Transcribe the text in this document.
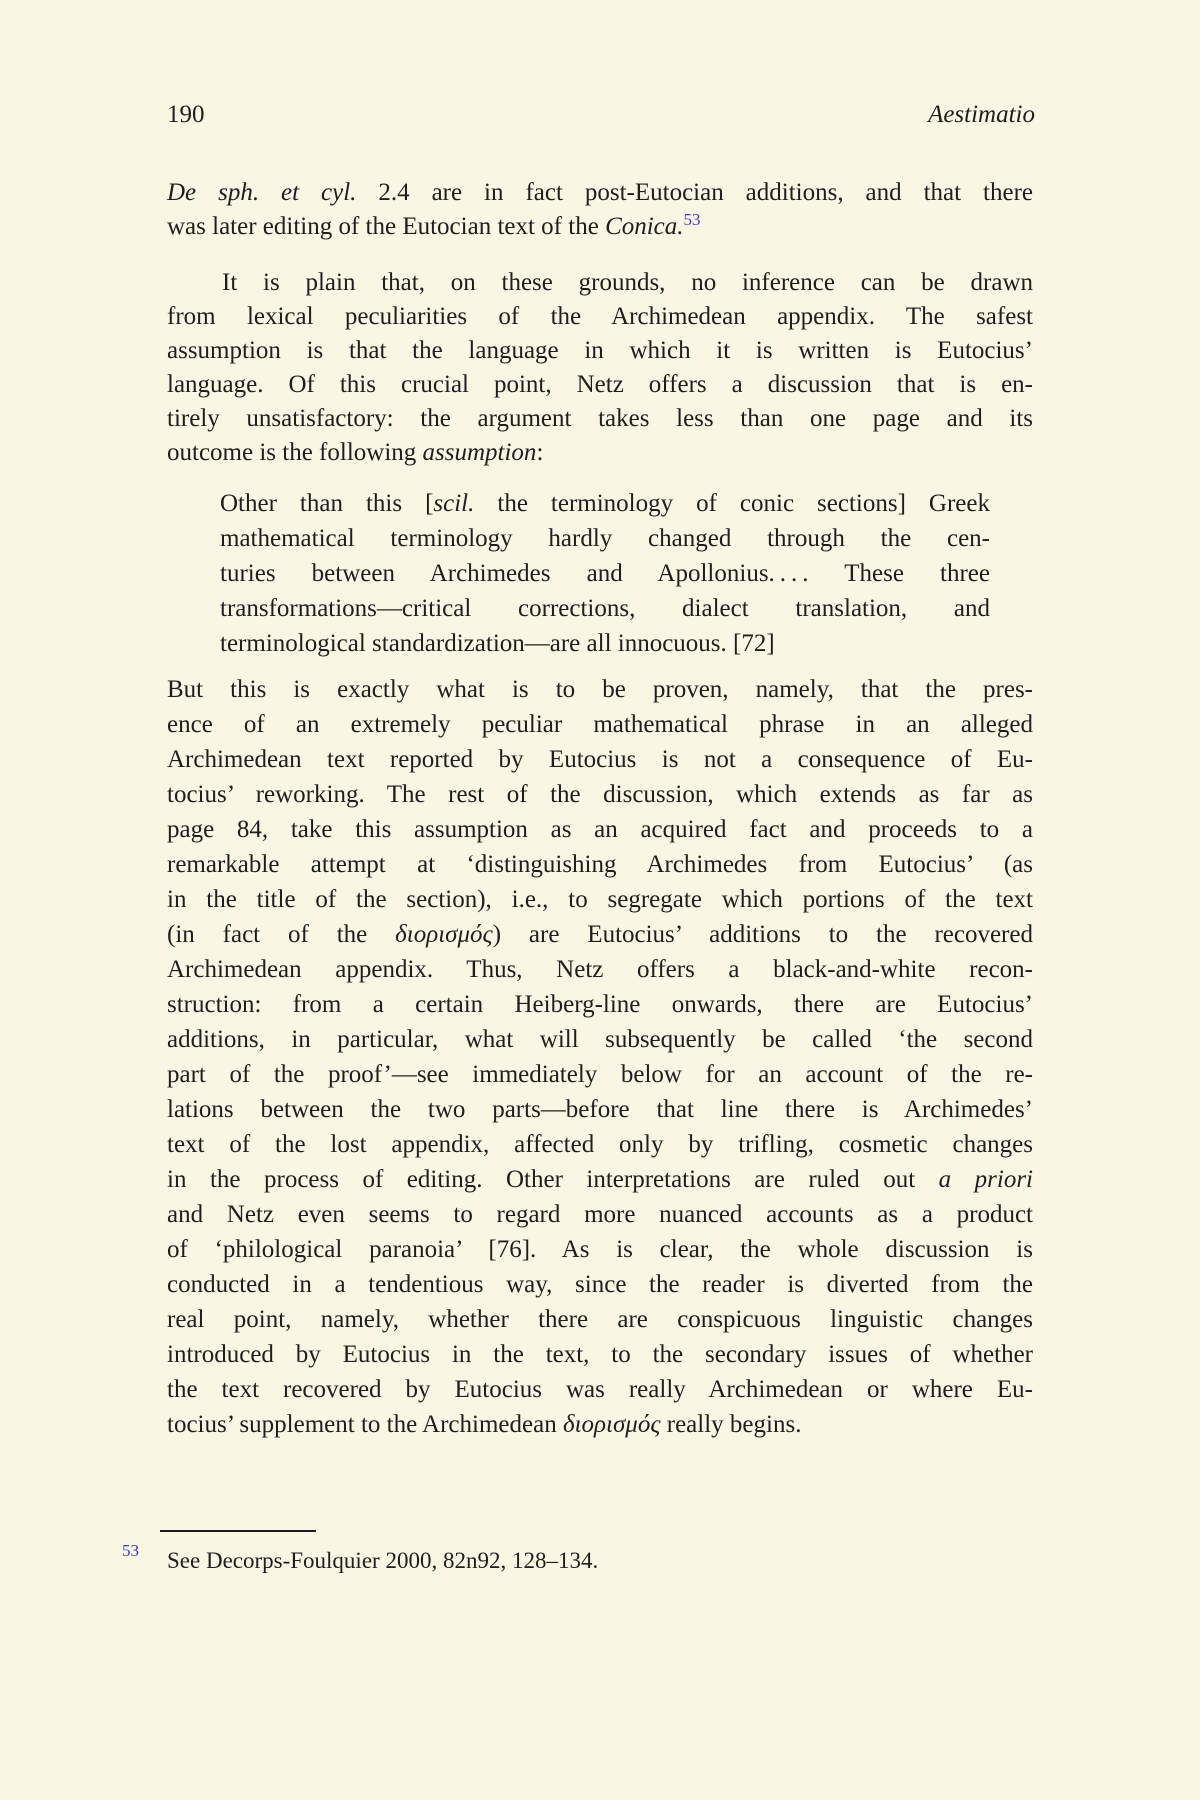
190	Aestimatio
De sph. et cyl. 2.4 are in fact post-Eutocian additions, and that there
was later editing of the Eutocian text of the Conica.$^{53}$
It is plain that, on these grounds, no inference can be drawn
from lexical peculiarities of the Archimedean appendix. The safest
assumption is that the language in which it is written is Eutocius’
language. Of this crucial point, Netz offers a discussion that is en-
tirely unsatisfactory: the argument takes less than one page and its
outcome is the following assumption:
Other than this [scil. the terminology of conic sections] Greek
mathematical terminology hardly changed through the cen-
turies between Archimedes and Apollonius. . . . These three
transformations—critical corrections, dialect translation, and
terminological standardization—are all innocuous. [72]
But this is exactly what is to be proven, namely, that the pres-
ence of an extremely peculiar mathematical phrase in an alleged
Archimedean text reported by Eutocius is not a consequence of Eu-
tocius’ reworking. The rest of the discussion, which extends as far as
page 84, take this assumption as an acquired fact and proceeds to a
remarkable attempt at ‘distinguishing Archimedes from Eutocius’ (as
in the title of the section), i.e., to segregate which portions of the text
(in fact of the διορισμός) are Eutocius’ additions to the recovered
Archimedean appendix. Thus, Netz offers a black-and-white recon-
struction: from a certain Heiberg-line onwards, there are Eutocius’
additions, in particular, what will subsequently be called ‘the second
part of the proof’—see immediately below for an account of the re-
lations between the two parts—before that line there is Archimedes’
text of the lost appendix, affected only by trifling, cosmetic changes
in the process of editing. Other interpretations are ruled out a priori
and Netz even seems to regard more nuanced accounts as a product
of ‘philological paranoia’ [76]. As is clear, the whole discussion is
conducted in a tendentious way, since the reader is diverted from the
real point, namely, whether there are conspicuous linguistic changes
introduced by Eutocius in the text, to the secondary issues of whether
the text recovered by Eutocius was really Archimedean or where Eu-
tocius’ supplement to the Archimedean διορισμός really begins.
53 See Decorps-Foulquier 2000, 82n92, 128–134.
